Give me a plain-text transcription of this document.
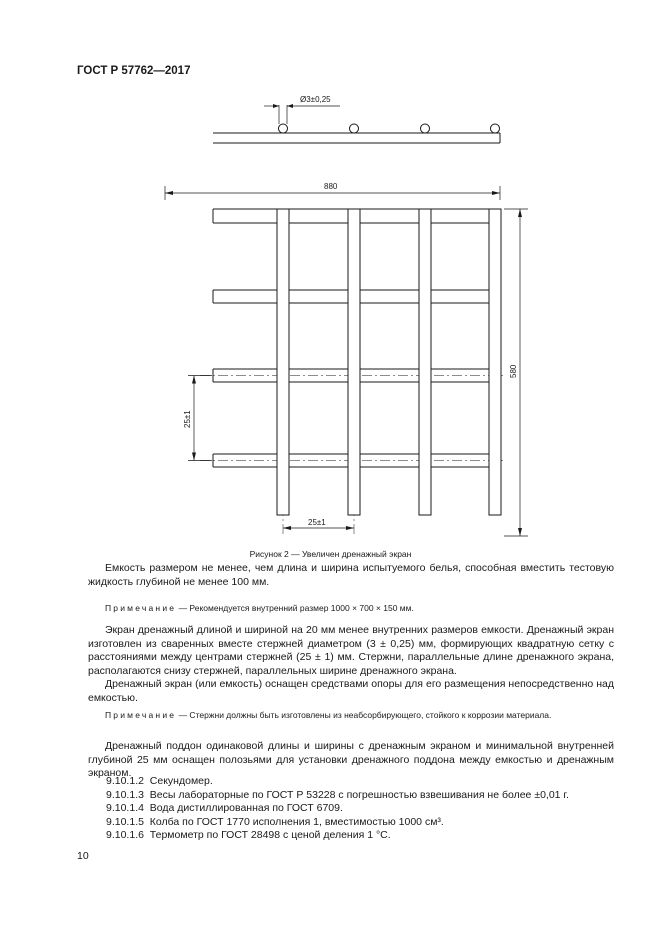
ГОСТ Р 57762—2017
Ø3±0,25
880
580
25±1
25±1
Рисунок 2 — Увеличен дренажный экран

Емкость размером не менее, чем длина и ширина испытуемого белья, способная вместить тестовую жидкость глубиной не менее 100 мм.

Примечание — Рекомендуется внутренний размер 1000 × 700 × 150 мм.

Экран дренажный длиной и шириной на 20 мм менее внутренних размеров емкости. Дренажный экран изготовлен из сваренных вместе стержней диаметром (3 ± 0,25) мм, формирующих квадратную сетку с расстояниями между центрами стержней (25 ± 1) мм. Стержни, параллельные длине дренажного экрана, располагаются снизу стержней, параллельных ширине дренажного экрана.

Дренажный экран (или емкость) оснащен средствами опоры для его размещения непосредственно над емкостью.

Примечание — Стержни должны быть изготовлены из неабсорбирующего, стойкого к коррозии материала.

Дренажный поддон одинаковой длины и ширины с дренажным экраном и минимальной внутренней глубиной 25 мм оснащен полозьями для установки дренажного поддона между емкостью и дренажным экраном.

9.10.1.2 Секундомер.
9.10.1.3 Весы лабораторные по ГОСТ Р 53228 с погрешностью взвешивания не более ±0,01 г.
9.10.1.4 Вода дистиллированная по ГОСТ 6709.
9.10.1.5 Колба по ГОСТ 1770 исполнения 1, вместимостью 1000 см³.
9.10.1.6 Термометр по ГОСТ 28498 с ценой деления 1 °С.
10
